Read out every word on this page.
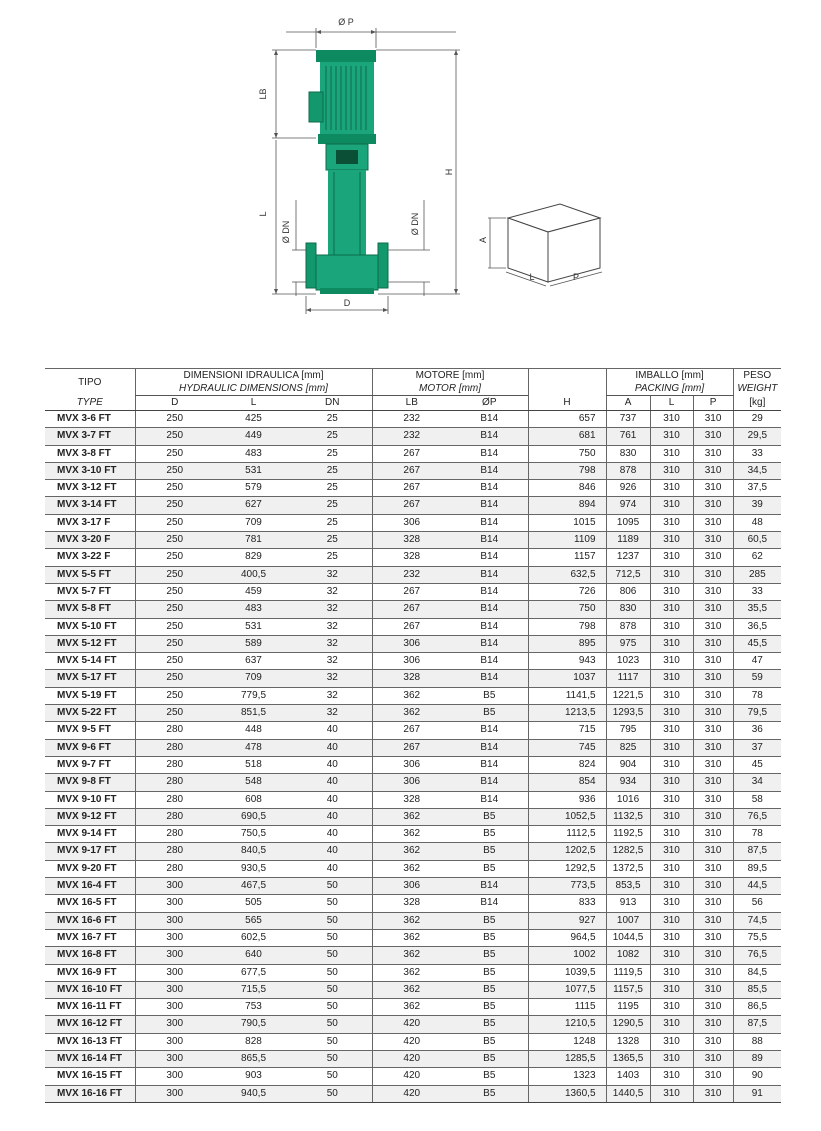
Ø P
LB
L
H
Ø DN	Ø DN
D
A
L	P
TIPO	DIMENSIONI IDRAULICA [mm]			MOTORE [mm]			IMBALLO [mm]			PESO
	HYDRAULIC DIMENSIONS [mm]			MOTOR [mm]			PACKING [mm]			WEIGHT
TYPE	D	L	DN	LB	ØP	H	A	L	P	[kg]
MVX 3-6 FT	250	425	25	232	B14	657	737	310	310	29
MVX 3-7 FT	250	449	25	232	B14	681	761	310	310	29,5
MVX 3-8 FT	250	483	25	267	B14	750	830	310	310	33
MVX 3-10 FT	250	531	25	267	B14	798	878	310	310	34,5
MVX 3-12 FT	250	579	25	267	B14	846	926	310	310	37,5
MVX 3-14 FT	250	627	25	267	B14	894	974	310	310	39
MVX 3-17 F	250	709	25	306	B14	1015	1095	310	310	48
MVX 3-20 F	250	781	25	328	B14	1109	1189	310	310	60,5
MVX 3-22 F	250	829	25	328	B14	1157	1237	310	310	62
MVX 5-5 FT	250	400,5	32	232	B14	632,5	712,5	310	310	285
MVX 5-7 FT	250	459	32	267	B14	726	806	310	310	33
MVX 5-8 FT	250	483	32	267	B14	750	830	310	310	35,5
MVX 5-10 FT	250	531	32	267	B14	798	878	310	310	36,5
MVX 5-12 FT	250	589	32	306	B14	895	975	310	310	45,5
MVX 5-14 FT	250	637	32	306	B14	943	1023	310	310	47
MVX 5-17 FT	250	709	32	328	B14	1037	1117	310	310	59
MVX 5-19 FT	250	779,5	32	362	B5	1141,5	1221,5	310	310	78
MVX 5-22 FT	250	851,5	32	362	B5	1213,5	1293,5	310	310	79,5
MVX 9-5 FT	280	448	40	267	B14	715	795	310	310	36
MVX 9-6 FT	280	478	40	267	B14	745	825	310	310	37
MVX 9-7 FT	280	518	40	306	B14	824	904	310	310	45
MVX 9-8 FT	280	548	40	306	B14	854	934	310	310	34
MVX 9-10 FT	280	608	40	328	B14	936	1016	310	310	58
MVX 9-12 FT	280	690,5	40	362	B5	1052,5	1132,5	310	310	76,5
MVX 9-14 FT	280	750,5	40	362	B5	1112,5	1192,5	310	310	78
MVX 9-17 FT	280	840,5	40	362	B5	1202,5	1282,5	310	310	87,5
MVX 9-20 FT	280	930,5	40	362	B5	1292,5	1372,5	310	310	89,5
MVX 16-4 FT	300	467,5	50	306	B14	773,5	853,5	310	310	44,5
MVX 16-5 FT	300	505	50	328	B14	833	913	310	310	56
MVX 16-6 FT	300	565	50	362	B5	927	1007	310	310	74,5
MVX 16-7 FT	300	602,5	50	362	B5	964,5	1044,5	310	310	75,5
MVX 16-8 FT	300	640	50	362	B5	1002	1082	310	310	76,5
MVX 16-9 FT	300	677,5	50	362	B5	1039,5	1119,5	310	310	84,5
MVX 16-10 FT	300	715,5	50	362	B5	1077,5	1157,5	310	310	85,5
MVX 16-11 FT	300	753	50	362	B5	1115	1195	310	310	86,5
MVX 16-12 FT	300	790,5	50	420	B5	1210,5	1290,5	310	310	87,5
MVX 16-13 FT	300	828	50	420	B5	1248	1328	310	310	88
MVX 16-14 FT	300	865,5	50	420	B5	1285,5	1365,5	310	310	89
MVX 16-15 FT	300	903	50	420	B5	1323	1403	310	310	90
MVX 16-16 FT	300	940,5	50	420	B5	1360,5	1440,5	310	310	91
